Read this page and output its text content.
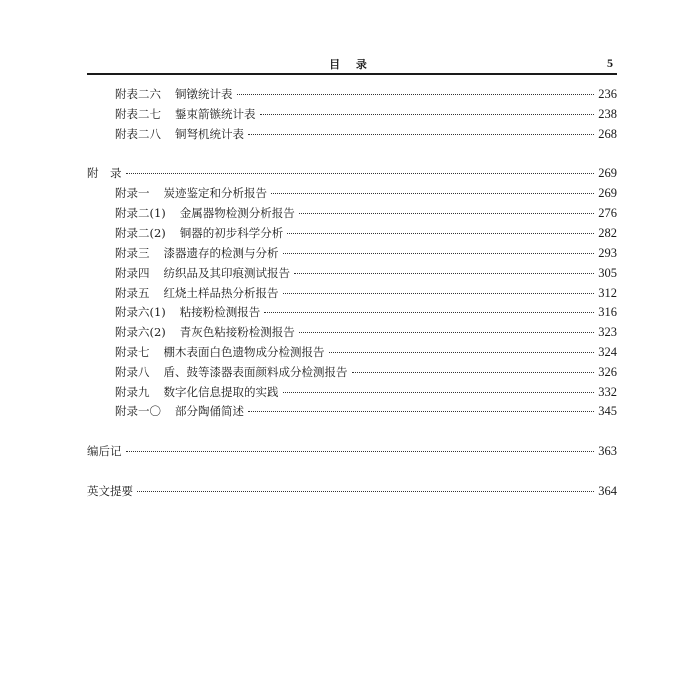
目 录	5
附表二六 铜镦统计表	236
附表二七 鋬束箭镞统计表	238
附表二八 铜弩机统计表	268
附　录	269
附录一 炭迹鉴定和分析报告	269
附录二(1) 金属器物检测分析报告	276
附录二(2) 铜器的初步科学分析	282
附录三 漆器遗存的检测与分析	293
附录四 纺织品及其印痕测试报告	305
附录五 红烧土样品热分析报告	312
附录六(1) 粘接粉检测报告	316
附录六(2) 青灰色粘接粉检测报告	323
附录七 棚木表面白色遗物成分检测报告	324
附录八 盾、鼓等漆器表面颜料成分检测报告	326
附录九 数字化信息提取的实践	332
附录一〇 部分陶俑简述	345
编后记	363
英文提要	364
